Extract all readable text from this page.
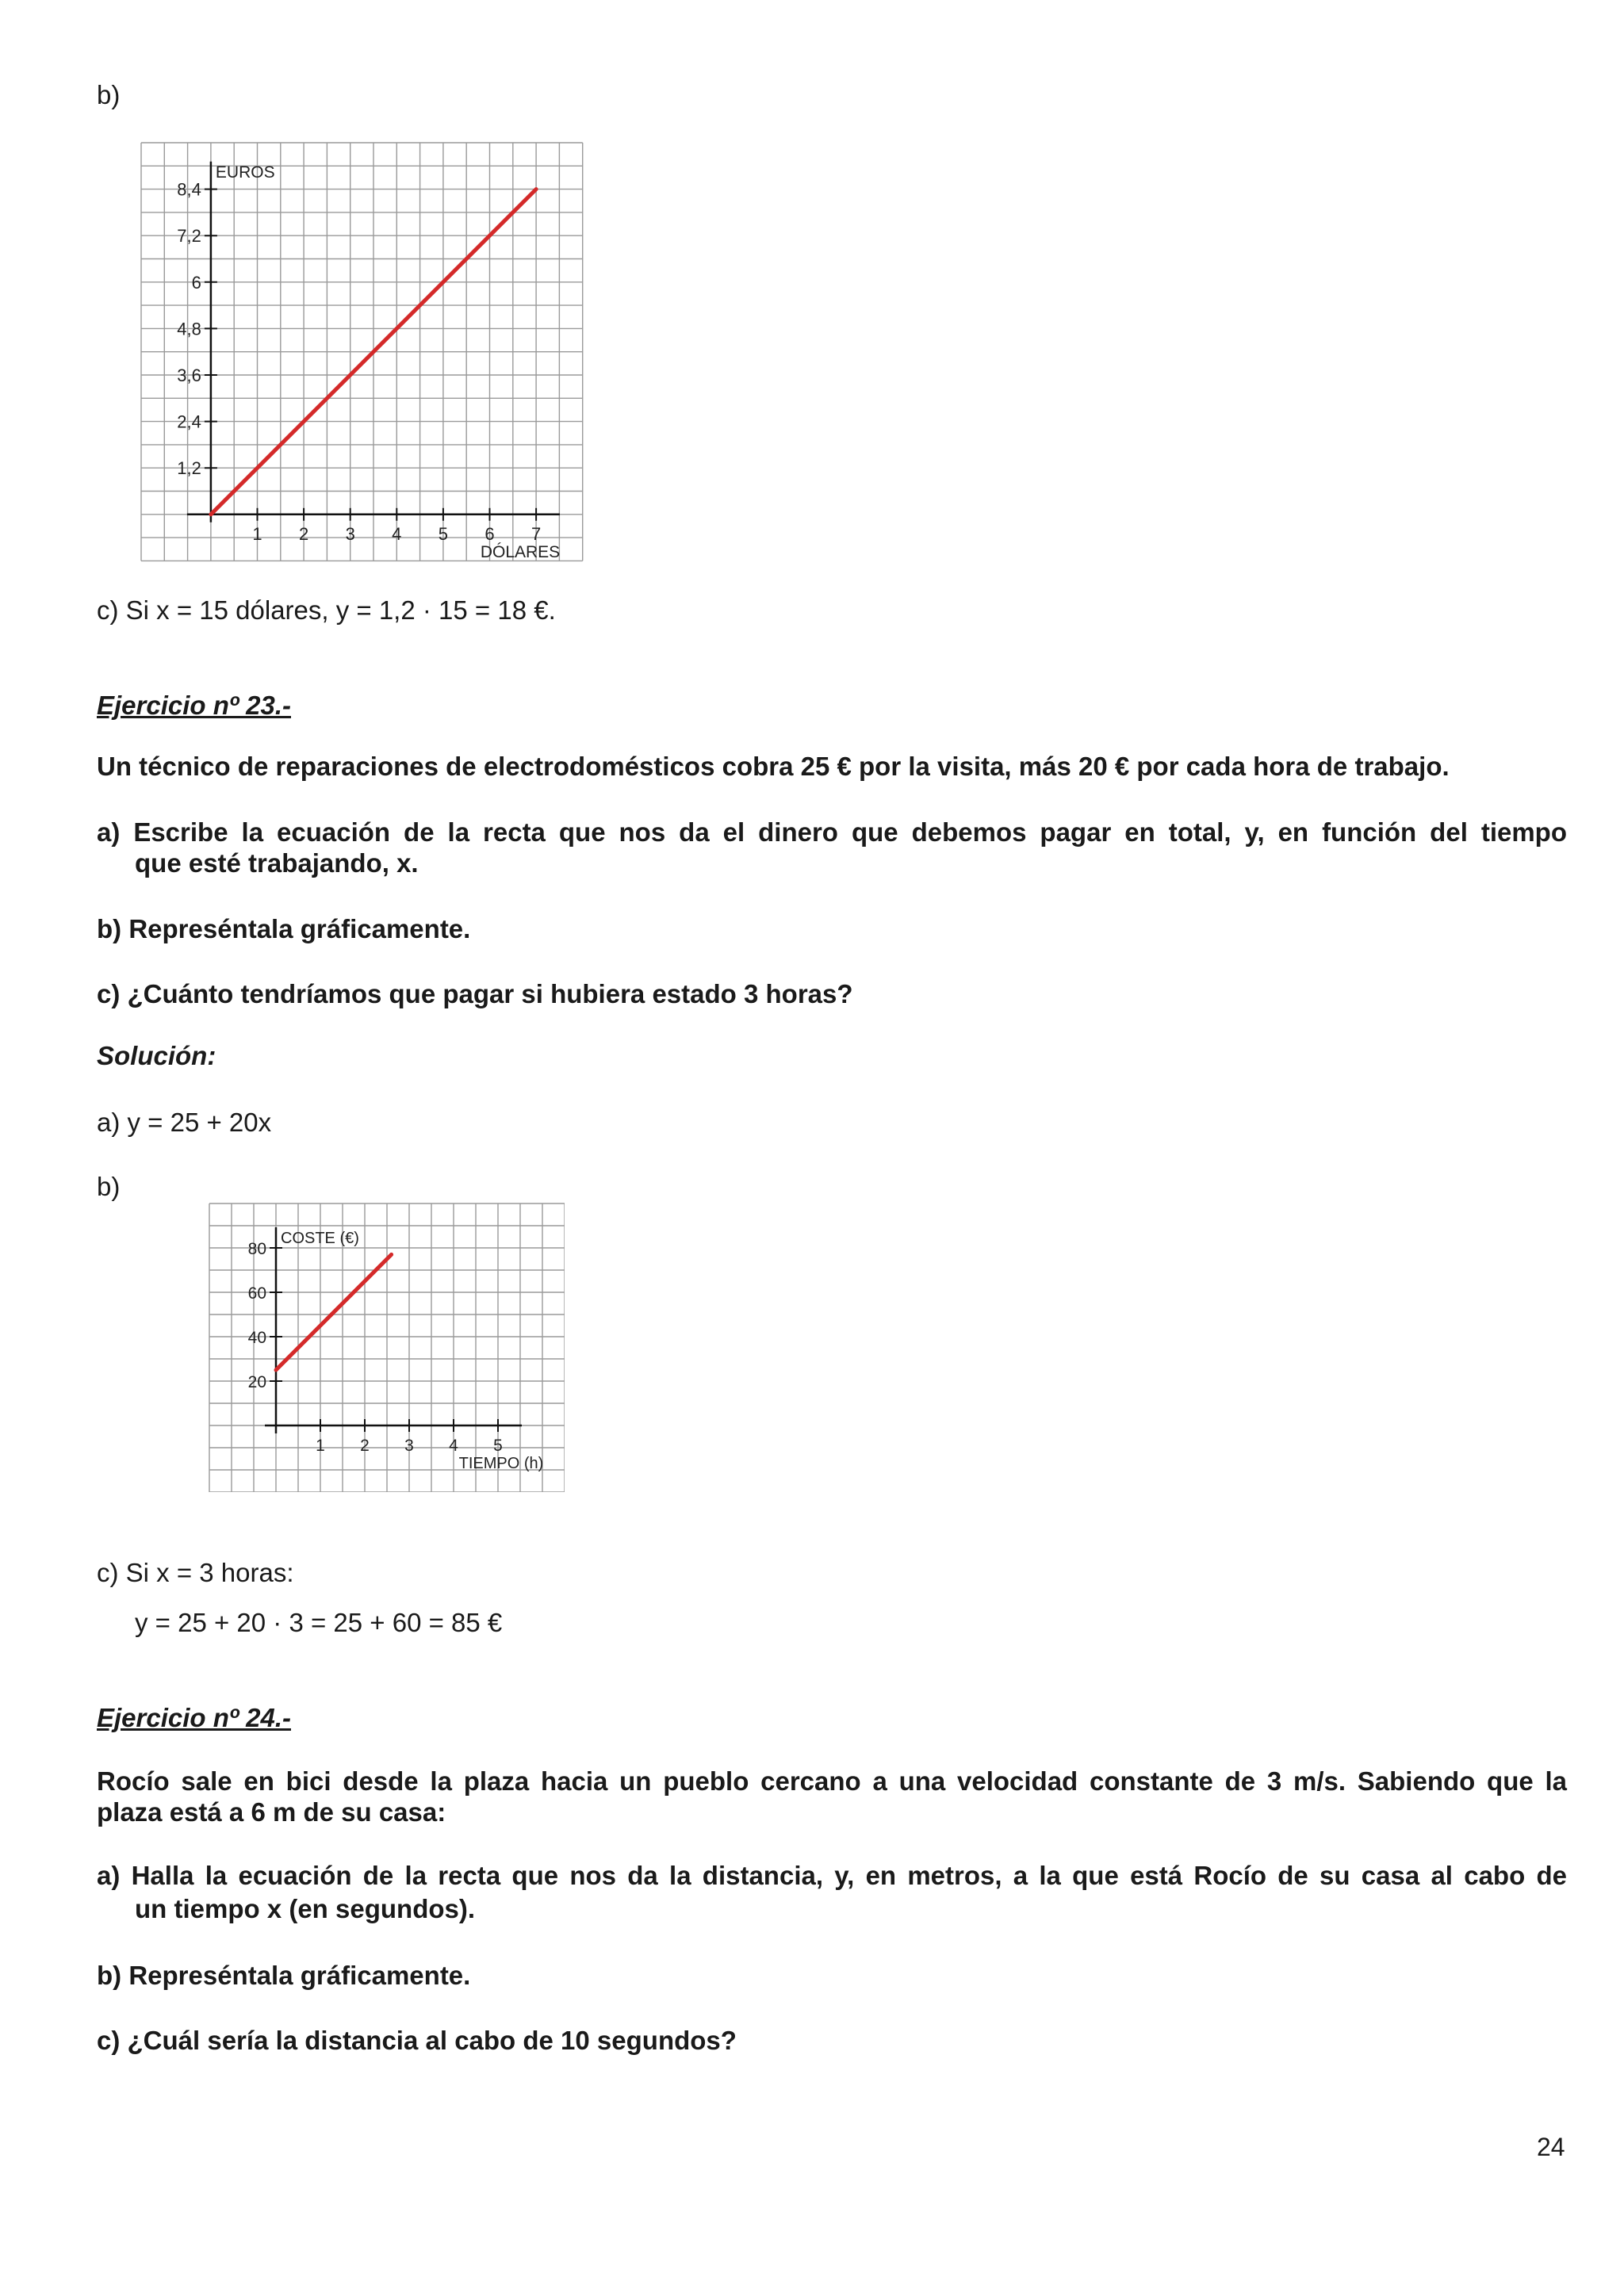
b)
1 2 3 4 5 6 7
1,2
2,4
3,6
4,8
6
7,2
8,4
EUROS
DÓLARES
c) Si x = 15 dólares, y = 1,2 · 15 = 18 €.
Ejercicio nº 23.-
Un técnico de reparaciones de electrodomésticos cobra 25 € por la visita, más 20 € por cada hora de trabajo.
a) Escribe la ecuación de la recta que nos da el dinero que debemos pagar en total, y, en función del tiempo
que esté trabajando, x.
b) Represéntala gráficamente.
c) ¿Cuánto tendríamos que pagar si hubiera estado 3 horas?
Solución:
a) y = 25 + 20x
b)
1 2 3 4 5
20
40
60
80
COSTE (€)
TIEMPO (h)
c) Si x = 3 horas:
y = 25 + 20 · 3 = 25 + 60 = 85 €
Ejercicio nº 24.-
Rocío sale en bici desde la plaza hacia un pueblo cercano a una velocidad constante de 3 m/s. Sabiendo que la
plaza está a 6 m de su casa:
a) Halla la ecuación de la recta que nos da la distancia, y, en metros, a la que está Rocío de su casa al cabo de
un tiempo x (en segundos).
b) Represéntala gráficamente.
c) ¿Cuál sería la distancia al cabo de 10 segundos?
24
